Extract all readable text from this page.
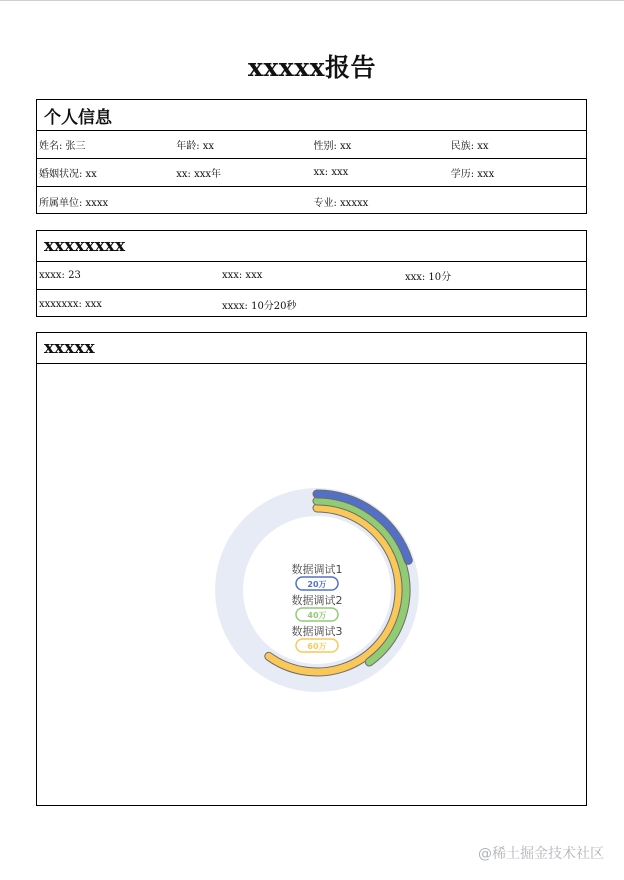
xxxxx报告
个人信息
姓名: 张三	年龄: xx	性别: xx	民族: xx
婚姻状况: xx	xx: xxx年	xx: xxx	学历: xxx
所属单位: xxxx	专业: xxxxx
xxxxxxxx
xxxx: 23	xxx: xxx	xxx: 10分
xxxxxxx: xxx	xxxx: 10分20秒
xxxxx
数据调试1
20万
数据调试2
40万
数据调试3
60万
@稀土掘金技术社区
